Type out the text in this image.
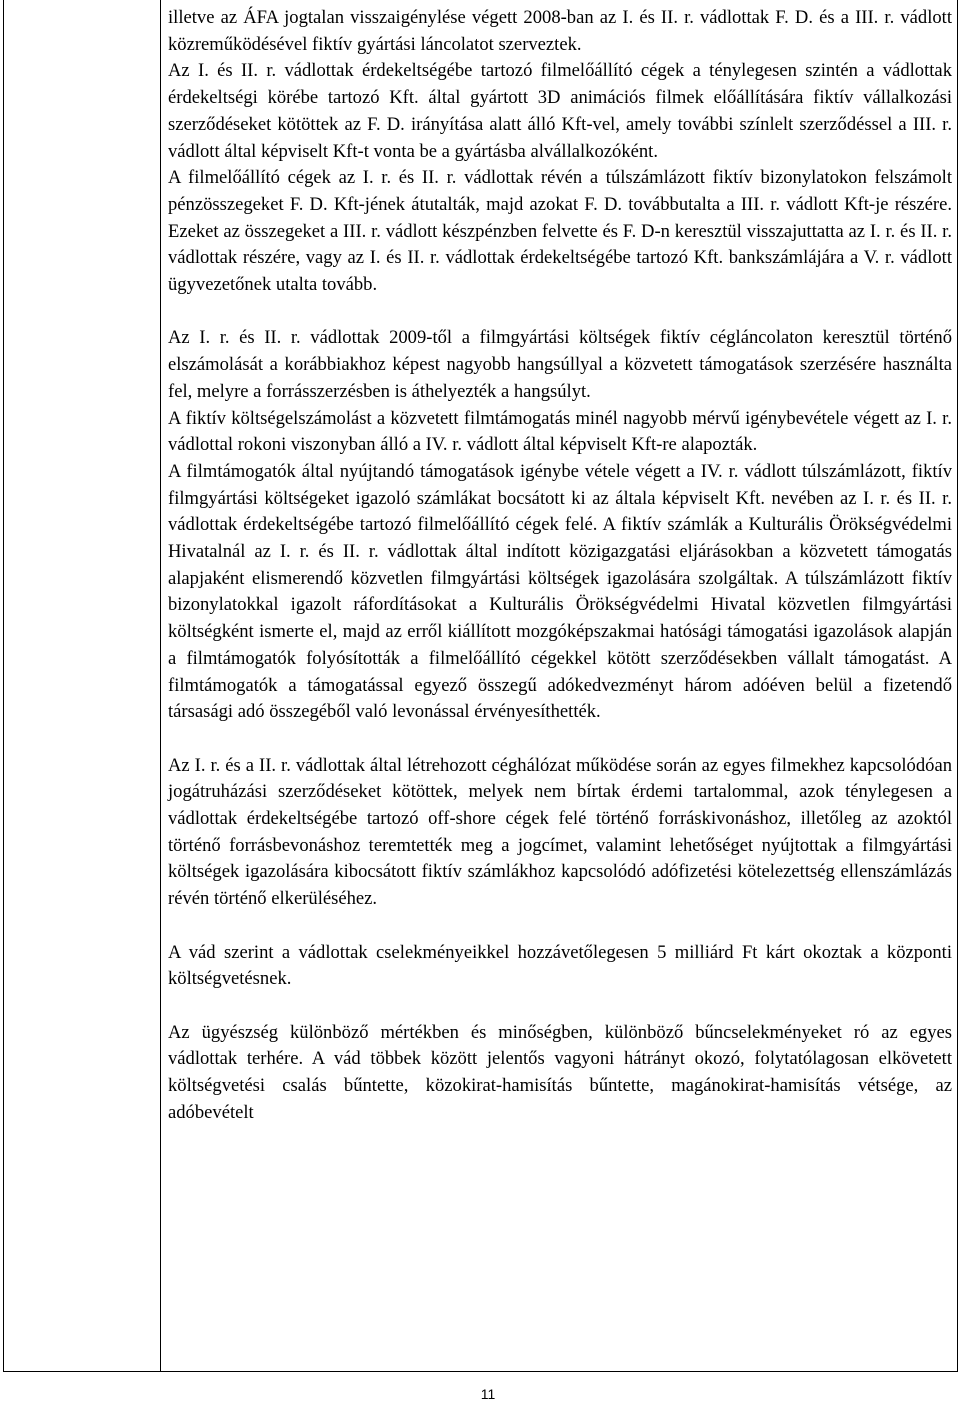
illetve az ÁFA jogtalan visszaigénylése végett 2008-ban az I. és II. r. vádlottak F. D. és a III. r. vádlott közreműködésével fiktív gyártási láncolatot szerveztek.

Az I. és II. r. vádlottak érdekeltségébe tartozó filmelőállító cégek a ténylegesen szintén a vádlottak érdekeltségi körébe tartozó Kft. által gyártott 3D animációs filmek előállítására fiktív vállalkozási szerződéseket kötöttek az F. D. irányítása alatt álló Kft-vel, amely további színlelt szerződéssel a III. r. vádlott által képviselt Kft-t vonta be a gyártásba alvállalkozóként.

A filmelőállító cégek az I. r. és II. r. vádlottak révén a túlszámlázott fiktív bizonylatokon felszámolt pénzösszegeket F. D. Kft-jének átutalták, majd azokat F. D. továbbutalta a III. r. vádlott Kft-je részére. Ezeket az összegeket a III. r. vádlott készpénzben felvette és F. D-n keresztül visszajuttatta az I. r. és II. r. vádlottak részére, vagy az I. és II. r. vádlottak érdekeltségébe tartozó Kft. bankszámlájára a V. r. vádlott ügyvezetőnek utalta tovább.

Az I. r. és II. r. vádlottak 2009-től a filmgyártási költségek fiktív cégláncolaton keresztül történő elszámolását a korábbiakhoz képest nagyobb hangsúllyal a közvetett támogatások szerzésére használta fel, melyre a forrásszerzésben is áthelyezték a hangsúlyt.

A fiktív költségelszámolást a közvetett filmtámogatás minél nagyobb mérvű igénybevétele végett az I. r. vádlottal rokoni viszonyban álló a IV. r. vádlott által képviselt Kft-re alapozták.

A filmtámogatók által nyújtandó támogatások igénybe vétele végett a IV. r. vádlott túlszámlázott, fiktív filmgyártási költségeket igazoló számlákat bocsátott ki az általa képviselt Kft. nevében az I. r. és II. r. vádlottak érdekeltségébe tartozó filmelőállító cégek felé. A fiktív számlák a Kulturális Örökségvédelmi Hivatalnál az I. r. és II. r. vádlottak által indított közigazgatási eljárásokban a közvetett támogatás alapjaként elismerendő közvetlen filmgyártási költségek igazolására szolgáltak. A túlszámlázott fiktív bizonylatokkal igazolt ráfordításokat a Kulturális Örökségvédelmi Hivatal közvetlen filmgyártási költségként ismerte el, majd az erről kiállított mozgóképszakmai hatósági támogatási igazolások alapján a filmtámogatók folyósították a filmelőállító cégekkel kötött szerződésekben vállalt támogatást. A filmtámogatók a támogatással egyező összegű adókedvezményt három adóéven belül a fizetendő társasági adó összegéből való levonással érvényesíthették.

Az I. r. és a II. r. vádlottak által létrehozott céghálózat működése során az egyes filmekhez kapcsolódóan jogátruházási szerződéseket kötöttek, melyek nem bírtak érdemi tartalommal, azok ténylegesen a vádlottak érdekeltségébe tartozó off-shore cégek felé történő forráskivonáshoz, illetőleg az azoktól történő forrásbevonáshoz teremtették meg a jogcímet, valamint lehetőséget nyújtottak a filmgyártási költségek igazolására kibocsátott fiktív számlákhoz kapcsolódó adófizetési kötelezettség ellenszámlázás révén történő elkerüléséhez.

A vád szerint a vádlottak cselekményeikkel hozzávetőlegesen 5 milliárd Ft kárt okoztak a központi költségvetésnek.

Az ügyészség különböző mértékben és minőségben, különböző bűncselekményeket ró az egyes vádlottak terhére. A vád többek között jelentős vagyoni hátrányt okozó, folytatólagosan elkövetett költségvetési csalás bűntette, közokirat-hamisítás bűntette, magánokirat-hamisítás vétsége, az adóbevételt

11
